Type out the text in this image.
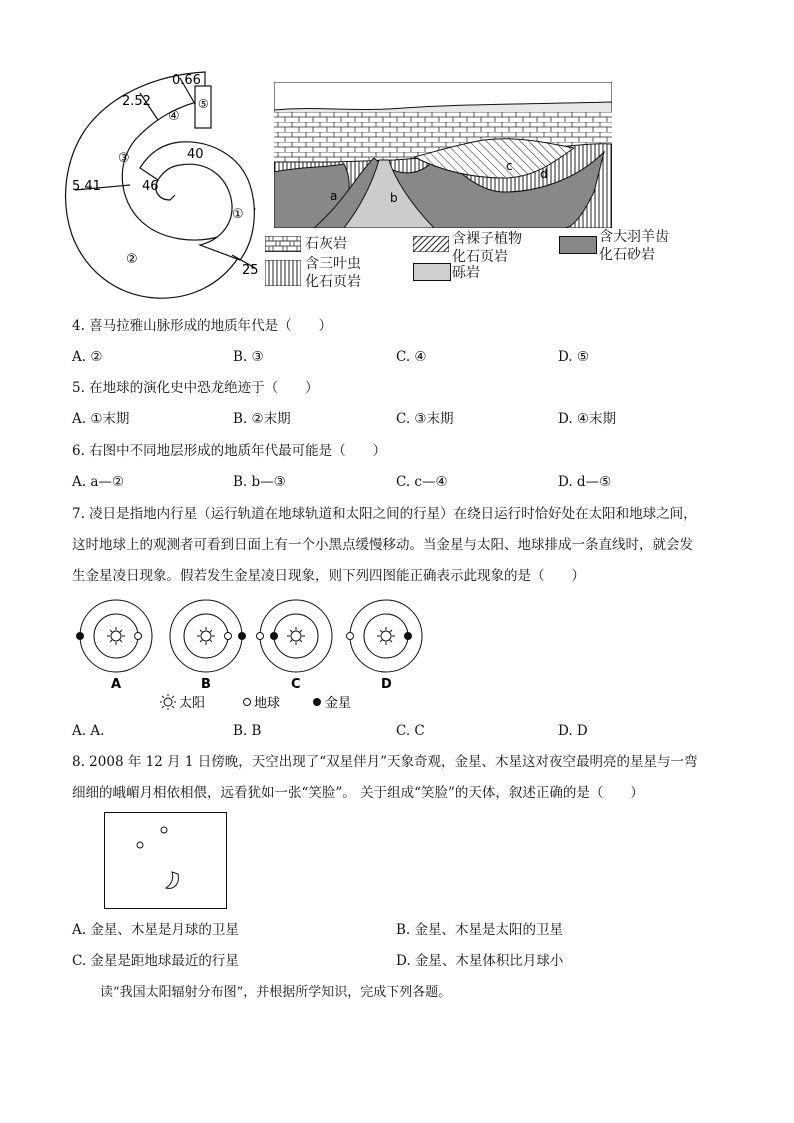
0.66
2.52
5.41
40
46
25
①
②
③
④
⑤
a	b
c
d
石灰岩
含三叶虫
化石页岩
含裸子植物
化石页岩
砾岩
含大羽羊齿
化石砂岩
4. 喜马拉雅山脉形成的地质年代是（　　）
A. ②	B. ③	C. ④	D. ⑤
5. 在地球的演化史中恐龙绝迹于（　　）
A. ①末期	B. ②末期	C. ③末期	D. ④末期
6. 右图中不同地层形成的地质年代最可能是（　　）
A. a—②	B. b—③	C. c—④	D. d—⑤
7. 凌日是指地内行星（运行轨道在地球轨道和太阳之间的行星）在绕日运行时恰好处在太阳和地球之间，
这时地球上的观测者可看到日面上有一个小黑点缓慢移动。当金星与太阳、地球排成一条直线时，就会发
生金星凌日现象。假若发生金星凌日现象，则下列四图能正确表示此现象的是（　　）
A	B	C	D
太阳	地球	金星
A. A.	B. B	C. C	D. D
8. 2008 年 12 月 1 日傍晚，天空出现了“双星伴月”天象奇观，金星、木星这对夜空最明亮的星星与一弯
细细的峨嵋月相依相偎，远看犹如一张“笑脸”。 关于组成“笑脸”的天体，叙述正确的是（　　）
A. 金星、木星是月球的卫星	B. 金星、木星是太阳的卫星
C. 金星是距地球最近的行星	D. 金星、木星体积比月球小
读“我国太阳辐射分布图”，并根据所学知识，完成下列各题。
